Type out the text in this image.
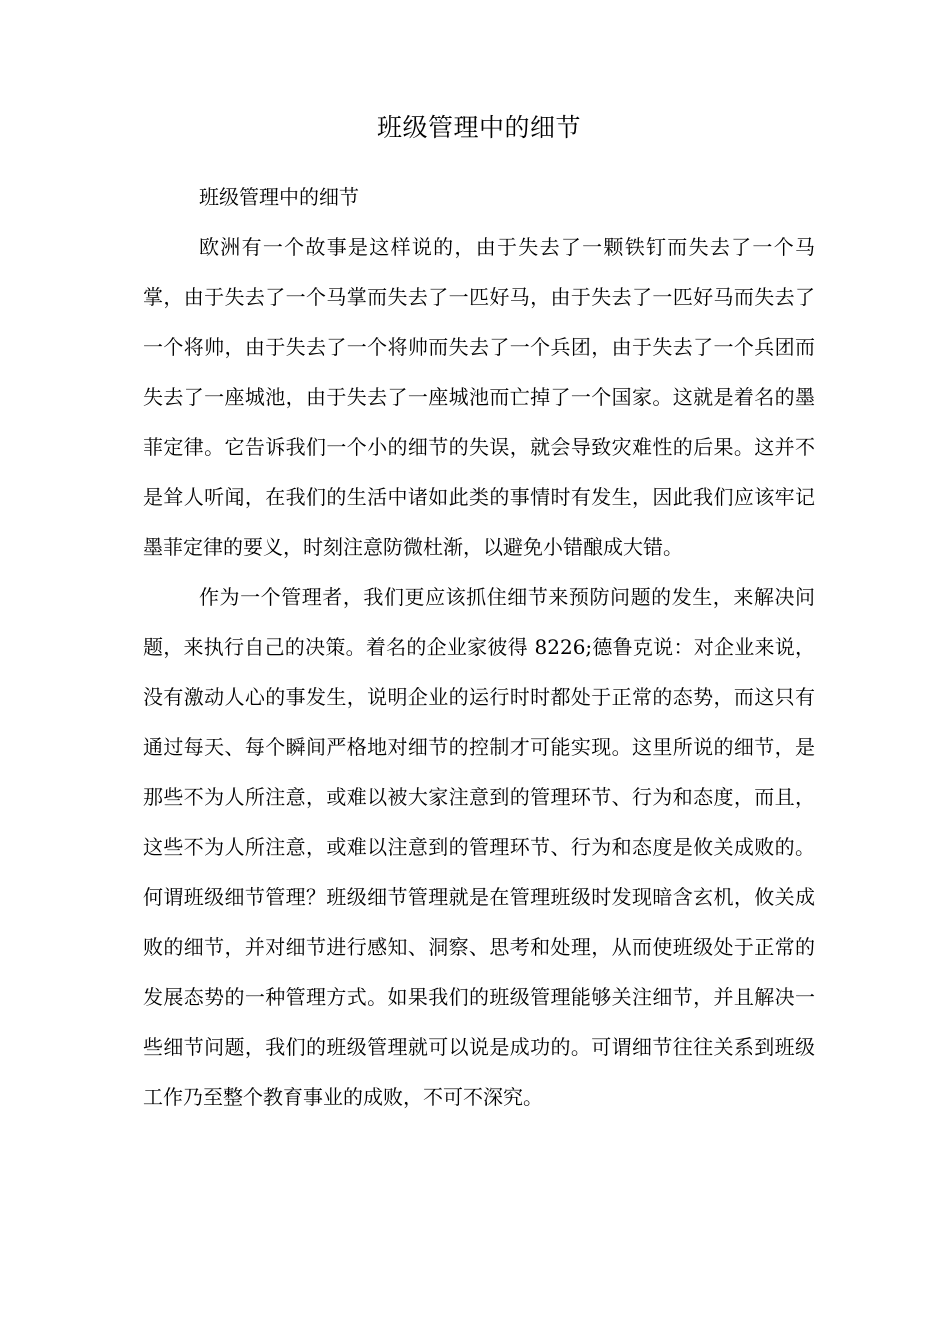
班级管理中的细节

班级管理中的细节

欧洲有一个故事是这样说的，由于失去了一颗铁钉而失去了一个马掌，由于失去了一个马掌而失去了一匹好马，由于失去了一匹好马而失去了一个将帅，由于失去了一个将帅而失去了一个兵团，由于失去了一个兵团而失去了一座城池，由于失去了一座城池而亡掉了一个国家。这就是着名的墨菲定律。它告诉我们一个小的细节的失误，就会导致灾难性的后果。这并不是耸人听闻，在我们的生活中诸如此类的事情时有发生，因此我们应该牢记墨菲定律的要义，时刻注意防微杜渐，以避免小错酿成大错。

作为一个管理者，我们更应该抓住细节来预防问题的发生，来解决问题，来执行自己的决策。着名的企业家彼得 8226;德鲁克说：对企业来说，没有激动人心的事发生，说明企业的运行时时都处于正常的态势，而这只有通过每天、每个瞬间严格地对细节的控制才可能实现。这里所说的细节，是那些不为人所注意，或难以被大家注意到的管理环节、行为和态度，而且，这些不为人所注意，或难以注意到的管理环节、行为和态度是攸关成败的。何谓班级细节管理？班级细节管理就是在管理班级时发现暗含玄机，攸关成败的细节，并对细节进行感知、洞察、思考和处理，从而使班级处于正常的发展态势的一种管理方式。如果我们的班级管理能够关注细节，并且解决一些细节问题，我们的班级管理就可以说是成功的。可谓细节往往关系到班级工作乃至整个教育事业的成败，不可不深究。
